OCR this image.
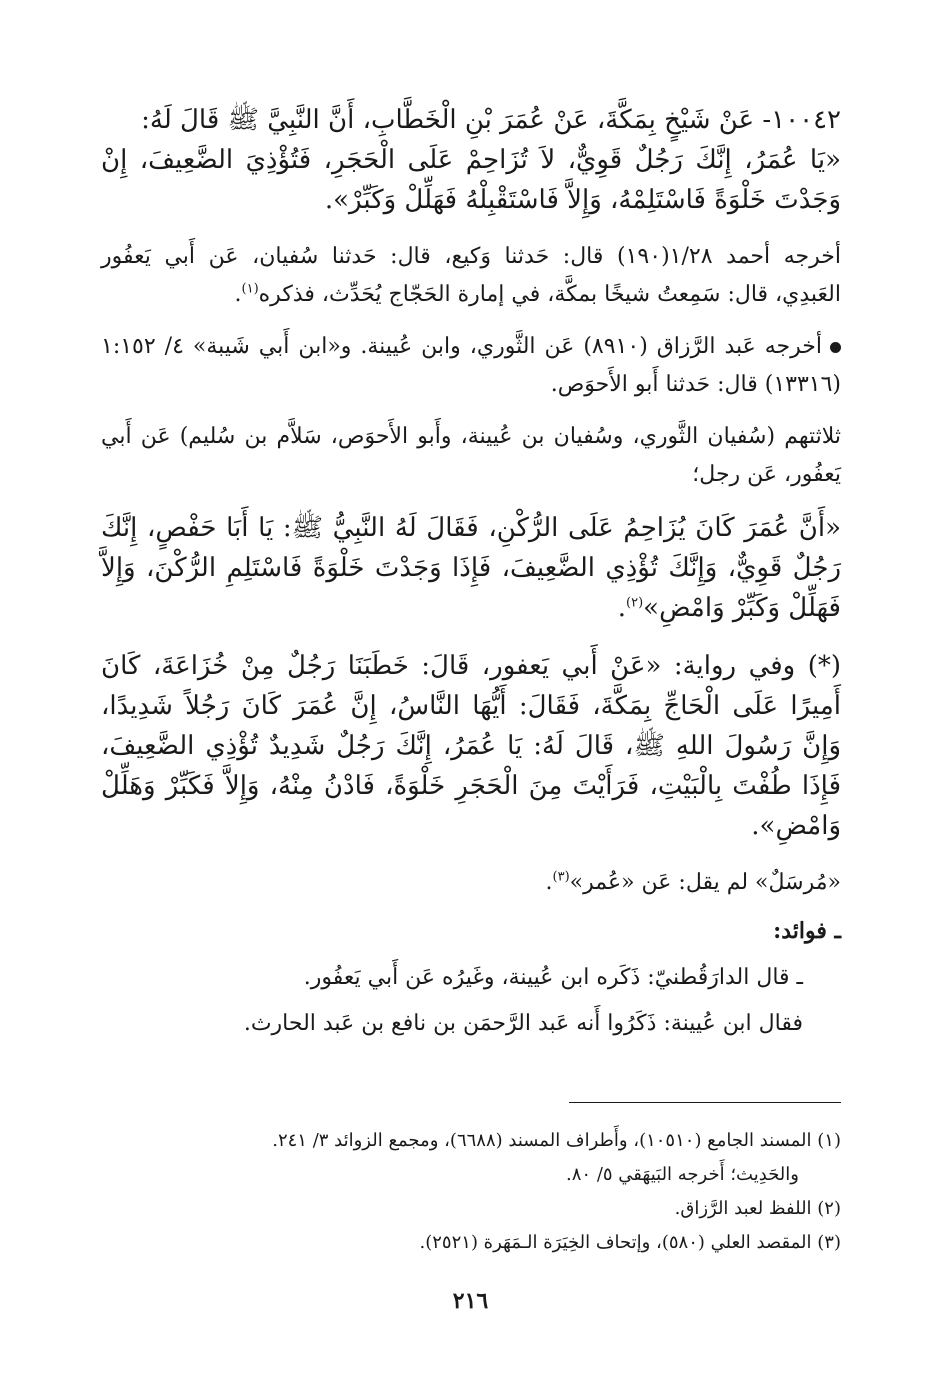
١٠٠٤٢- عَنْ شَيْخٍ بِمَكَّةَ، عَنْ عُمَرَ بْنِ الْخَطَّابِ، أَنَّ النَّبِيَّ ﷺ قَالَ لَهُ:
«يَا عُمَرُ، إِنَّكَ رَجُلٌ قَوِيٌّ، لاَ تُزَاحِمْ عَلَى الْحَجَرِ، فَتُؤْذِيَ الضَّعِيفَ، إِنْ وَجَدْتَ خَلْوَةً فَاسْتَلِمْهُ، وَإِلاَّ فَاسْتَقْبِلْهُ فَهَلِّلْ وَكَبِّرْ».

أخرجه أحمد ١/٢٨(١٩٠) قال: حَدثنا وَكيع، قال: حَدثنا سُفيان، عَن أَبي يَعفُور العَبدِي، قال: سَمِعتُ شيخًا بمكَّة، في إمارة الحَجّاج يُحَدِّث، فذكره$^{(١)}$.

أخرجه عَبد الرَّزاق (٨٩١٠) عَن الثَّوري، وابن عُيينة. و«ابن أَبي شَيبة» ٤/ ١:١٥٢ (١٣٣١٦) قال: حَدثنا أَبو الأَحوَص.

ثلاثتهم (سُفيان الثَّوري، وسُفيان بن عُيينة، وأَبو الأَحوَص، سَلاَّم بن سُليم) عَن أَبي يَعفُور، عَن رجل؛

«أَنَّ عُمَرَ كَانَ يُزَاحِمُ عَلَى الرُّكْنِ، فَقَالَ لَهُ النَّبِيُّ ﷺ: يَا أَبَا حَفْصٍ، إِنَّكَ رَجُلٌ قَوِيٌّ، وَإِنَّكَ تُؤْذِي الضَّعِيفَ، فَإِذَا وَجَدْتَ خَلْوَةً فَاسْتَلِمِ الرُّكْنَ، وَإِلاَّ فَهَلِّلْ وَكَبِّرْ وَامْضِ»$^{(٢)}$.

(*) وفي رواية: «عَنْ أَبي يَعفور، قَالَ: خَطَبَنَا رَجُلٌ مِنْ خُزَاعَةَ، كَانَ أَمِيرًا عَلَى الْحَاجِّ بِمَكَّةَ، فَقَالَ: أَيُّهَا النَّاسُ، إِنَّ عُمَرَ كَانَ رَجُلاً شَدِيدًا، وَإِنَّ رَسُولَ اللهِ ﷺ، قَالَ لَهُ: يَا عُمَرُ، إِنَّكَ رَجُلٌ شَدِيدٌ تُؤْذِي الضَّعِيفَ، فَإِذَا طُفْتَ بِالْبَيْتِ، فَرَأَيْتَ مِنَ الْحَجَرِ خَلْوَةً، فَادْنُ مِنْهُ، وَإِلاَّ فَكَبِّرْ وَهَلِّلْ وَامْضِ».

«مُرسَلٌ» لم يقل: عَن «عُمر»$^{(٣)}$.

ـ فوائد:

ـ قال الدارَقُطنيّ: ذَكَره ابن عُيينة، وغَيرُه عَن أَبي يَعفُور.

فقال ابن عُيينة: ذَكَرُوا أَنه عَبد الرَّحمَن بن نافع بن عَبد الحارث.

(١) المسند الجامع (١٠٥١٠)، وأَطراف المسند (٦٦٨٨)، ومجمع الزوائد ٣/ ٢٤١.

والحَدِيث؛ أَخرجه البَيهَقي ٥/ ٨٠.

(٢) اللفظ لعبد الرَّزاق.

(٣) المقصد العلي (٥٨٠)، وإتحاف الخِيَرَة الـمَهَرة (٢٥٢١).

٢١٦
